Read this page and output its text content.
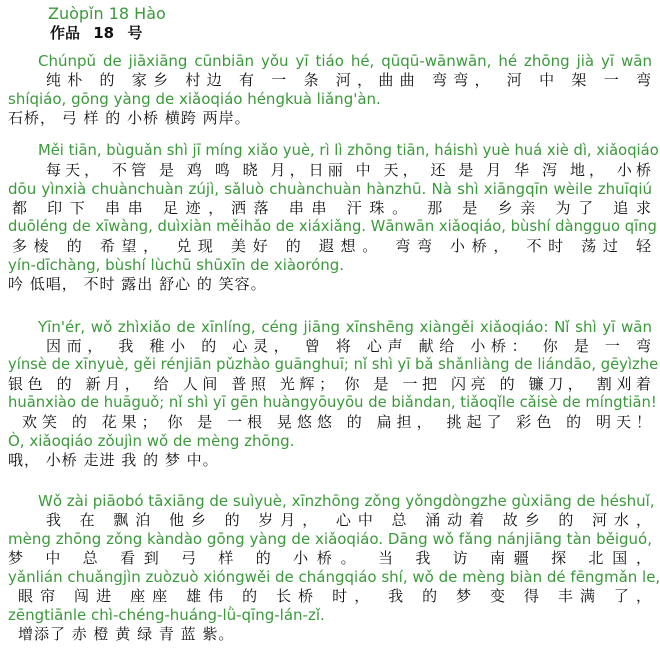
Zuòpǐn 18 Hào
作品 18 号
Chúnpǔ de jiāxiāng cūnbiān yǒu yī tiáo hé, qūqū-wānwān, hé zhōng jià yī wān
纯朴 的 家乡 村边 有 一 条 河，曲曲 弯弯， 河 中 架 一 弯
shíqiáo, gōng yàng de xiǎoqiáo héngkuà liǎng'àn.
石桥， 弓 样 的 小桥 横跨 两岸。
Měi tiān, bùguǎn shì jī míng xiǎo yuè, rì lì zhōng tiān, háishì yuè huá xiè dì, xiǎoqiáo
每天， 不管 是 鸡 鸣 晓 月，日丽 中 天， 还 是 月 华 泻 地， 小桥
dōu yìnxià chuànchuàn zújì, sǎluò chuànchuàn hànzhū. Nà shì xiāngqīn wèile zhuīqiú
都 印下 串串 足迹，洒落 串串 汗珠。 那 是 乡亲 为了 追求
duōléng de xīwàng, duìxiàn měihǎo de xiáxiǎng. Wānwān xiǎoqiáo, bùshí dàngguo qīng
多棱 的 希望， 兑现 美好 的 遐想。 弯弯 小桥， 不时 荡过 轻
yín-dīchàng, bùshí lùchū shūxīn de xiàoróng.
吟 低唱， 不时 露出 舒心 的 笑容。
Yīn'ér, wǒ zhìxiǎo de xīnlíng, céng jiāng xīnshēng xiàngěi xiǎoqiáo: Nǐ shì yī wān
因而， 我 稚小 的 心灵， 曾 将 心声 献给 小桥： 你 是 一 弯
yínsè de xīnyuè, gěi rénjiān pǔzhào guānghuī; nǐ shì yī bǎ shǎnliàng de liándāo, gēyìzhe
银色 的 新月， 给 人间 普照 光辉； 你 是 一把 闪亮 的 镰刀， 割刈着
huānxiào de huāguǒ; nǐ shì yī gēn huàngyōuyōu de biǎndan, tiǎoqǐle cǎisè de míngtiān!
欢笑 的 花果； 你 是 一根 晃悠悠 的 扁担， 挑起了 彩色 的 明天！
Ò, xiǎoqiáo zǒujìn wǒ de mèng zhōng.
哦， 小桥 走进 我 的 梦 中。
Wǒ zài piāobó tāxiāng de suìyuè, xīnzhōng zǒng yǒngdòngzhe gùxiāng de héshuǐ,
我 在 飘泊 他乡 的 岁月， 心中 总 涌动着 故乡 的 河水，
mèng zhōng zǒng kàndào gōng yàng de xiǎoqiáo. Dāng wǒ fǎng nánjiāng tàn běiguó,
梦 中 总 看到 弓 样 的 小桥。 当 我 访 南疆 探 北国，
yǎnlián chuǎngjìn zuòzuò xióngwěi de chángqiáo shí, wǒ de mèng biàn dé fēngmǎn le,
眼帘 闯进 座座 雄伟 的 长桥 时， 我 的 梦 变 得 丰满 了，
zēngtiānle chì-chéng-huáng-lǜ-qīng-lán-zǐ.
增添了 赤 橙 黄 绿 青 蓝 紫。
